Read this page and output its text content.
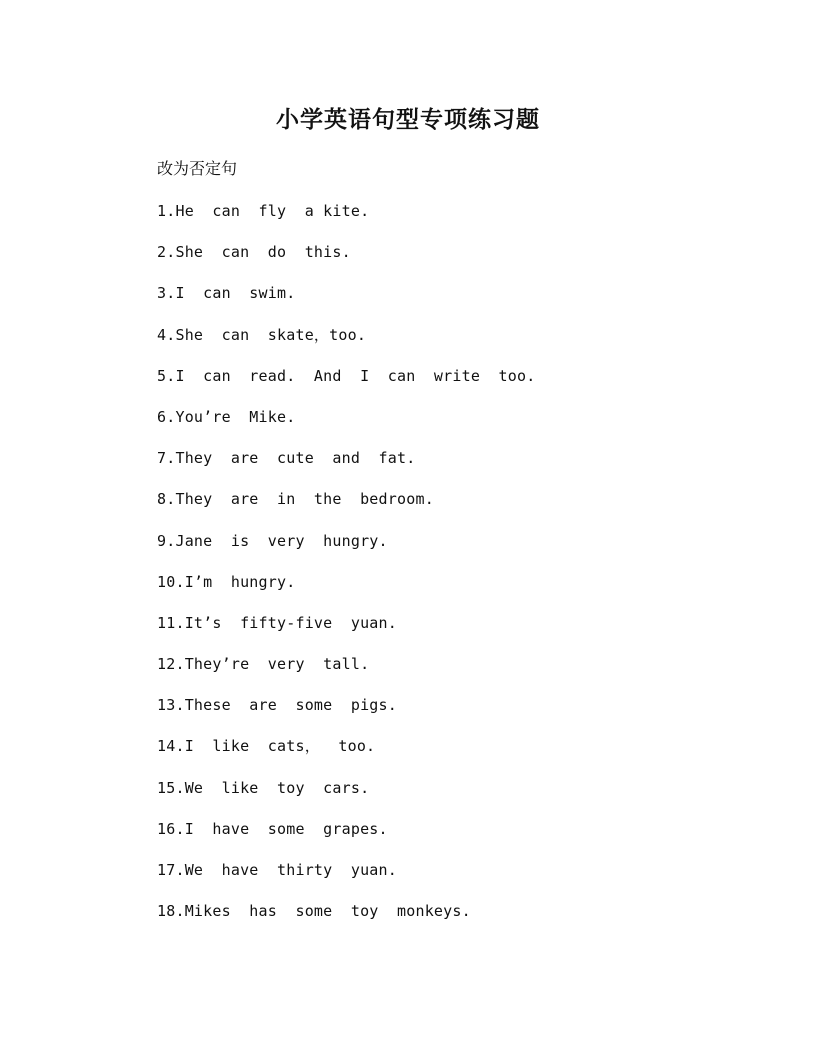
小学英语句型专项练习题

改为否定句

1.He  can  fly  a kite.
2.She  can  do  this.
3.I  can  swim.
4.She  can  skate，too.
5.I  can  read.  And  I  can  write  too.
6.You’re  Mike.
7.They  are  cute  and  fat.
8.They  are  in  the  bedroom.
9.Jane  is  very  hungry.
10.I’m  hungry.
11.It’s  fifty-five  yuan.
12.They’re  very  tall.
13.These  are  some  pigs.
14.I  like  cats，  too.
15.We  like  toy  cars.
16.I  have  some  grapes.
17.We  have  thirty  yuan.
18.Mikes  has  some  toy  monkeys.
